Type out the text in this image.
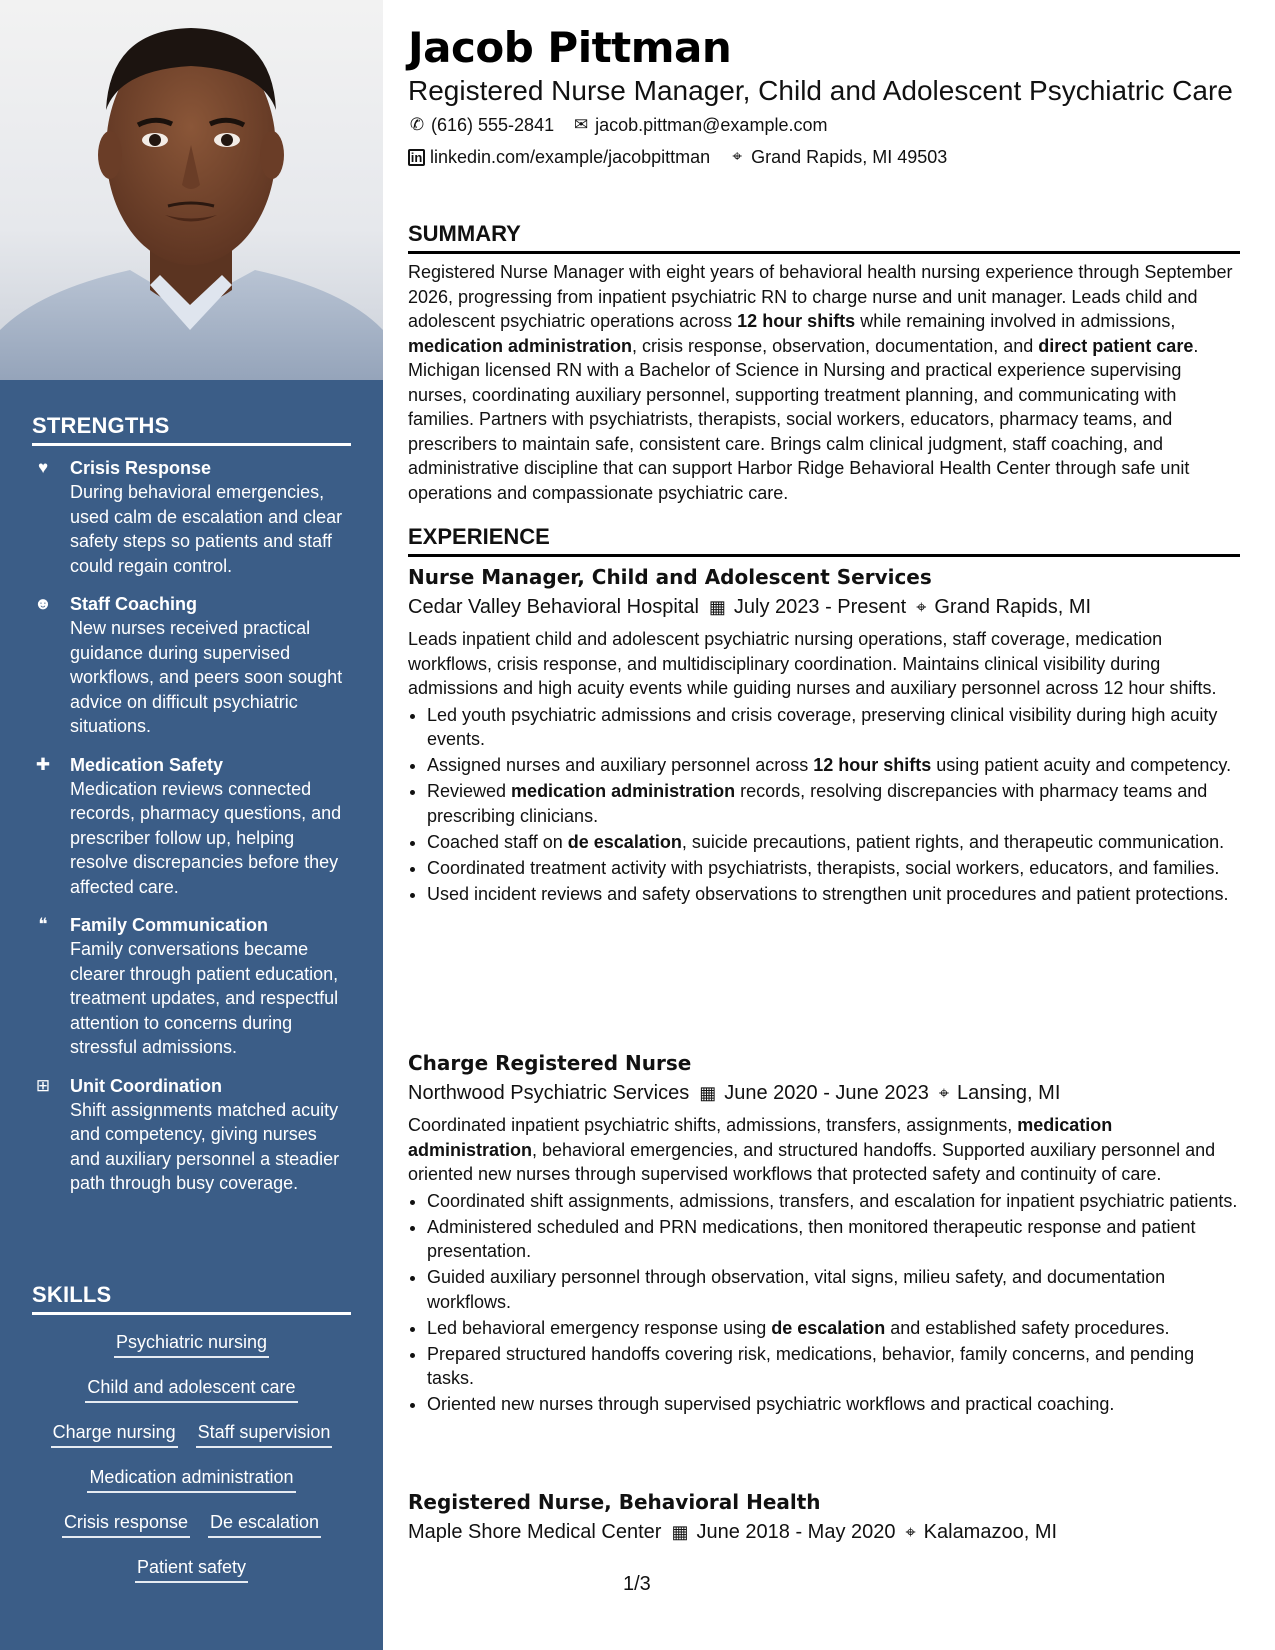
STRENGTHS
♥	Crisis Response
During behavioral emergencies, used calm de escalation and clear safety steps so patients and staff could regain control.
☻ Staff Coaching
New nurses received practical guidance during supervised workflows, and peers soon sought advice on difficult psychiatric situations.
✚ Medication Safety
Medication reviews connected records, pharmacy questions, and prescriber follow up, helping resolve discrepancies before they affected care.
❝	Family Communication
Family conversations became clearer through patient education, treatment updates, and respectful attention to concerns during stressful admissions.
⊞ Unit Coordination
Shift assignments matched acuity and competency, giving nurses and auxiliary personnel a steadier path through busy coverage.
SKILLS
Psychiatric nursing
Child and adolescent care
Charge nursing Staff supervision
Medication administration
Crisis response De escalation
Patient safety
Jacob Pittman
Registered Nurse Manager, Child and Adolescent Psychiatric Care
✆ (616) 555-2841 ✉ jacob.pittman@example.com
in linkedin.com/example/jacobpittman ⌖ Grand Rapids, MI 49503
SUMMARY
Registered Nurse Manager with eight years of behavioral health nursing experience through September 2026, progressing from inpatient psychiatric RN to charge nurse and unit manager. Leads child and adolescent psychiatric operations across 12 hour shifts while remaining involved in admissions, medication administration, crisis response, observation, documentation, and direct patient care. Michigan licensed RN with a Bachelor of Science in Nursing and practical experience supervising nurses, coordinating auxiliary personnel, supporting treatment planning, and communicating with families. Partners with psychiatrists, therapists, social workers, educators, pharmacy teams, and prescribers to maintain safe, consistent care. Brings calm clinical judgment, staff coaching, and administrative discipline that can support Harbor Ridge Behavioral Health Center through safe unit operations and compassionate psychiatric care.
EXPERIENCE
Nurse Manager, Child and Adolescent Services
Cedar Valley Behavioral Hospital ▦ July 2023 - Present ⌖ Grand Rapids, MI
Leads inpatient child and adolescent psychiatric nursing operations, staff coverage, medication workflows, crisis response, and multidisciplinary coordination. Maintains clinical visibility during admissions and high acuity events while guiding nurses and auxiliary personnel across 12 hour shifts.
• Led youth psychiatric admissions and crisis coverage, preserving clinical visibility during high acuity events.
• Assigned nurses and auxiliary personnel across 12 hour shifts using patient acuity and competency.
• Reviewed medication administration records, resolving discrepancies with pharmacy teams and prescribing clinicians.
• Coached staff on de escalation, suicide precautions, patient rights, and therapeutic communication.
• Coordinated treatment activity with psychiatrists, therapists, social workers, educators, and families.
• Used incident reviews and safety observations to strengthen unit procedures and patient protections.
Charge Registered Nurse
Northwood Psychiatric Services ▦ June 2020 - June 2023 ⌖ Lansing, MI
Coordinated inpatient psychiatric shifts, admissions, transfers, assignments, medication administration, behavioral emergencies, and structured handoffs. Supported auxiliary personnel and oriented new nurses through supervised workflows that protected safety and continuity of care.
• Coordinated shift assignments, admissions, transfers, and escalation for inpatient psychiatric patients.
• Administered scheduled and PRN medications, then monitored therapeutic response and patient presentation.
• Guided auxiliary personnel through observation, vital signs, milieu safety, and documentation workflows.
• Led behavioral emergency response using de escalation and established safety procedures.
• Prepared structured handoffs covering risk, medications, behavior, family concerns, and pending tasks.
• Oriented new nurses through supervised psychiatric workflows and practical coaching.
Registered Nurse, Behavioral Health
Maple Shore Medical Center ▦ June 2018 - May 2020 ⌖ Kalamazoo, MI
1/3
